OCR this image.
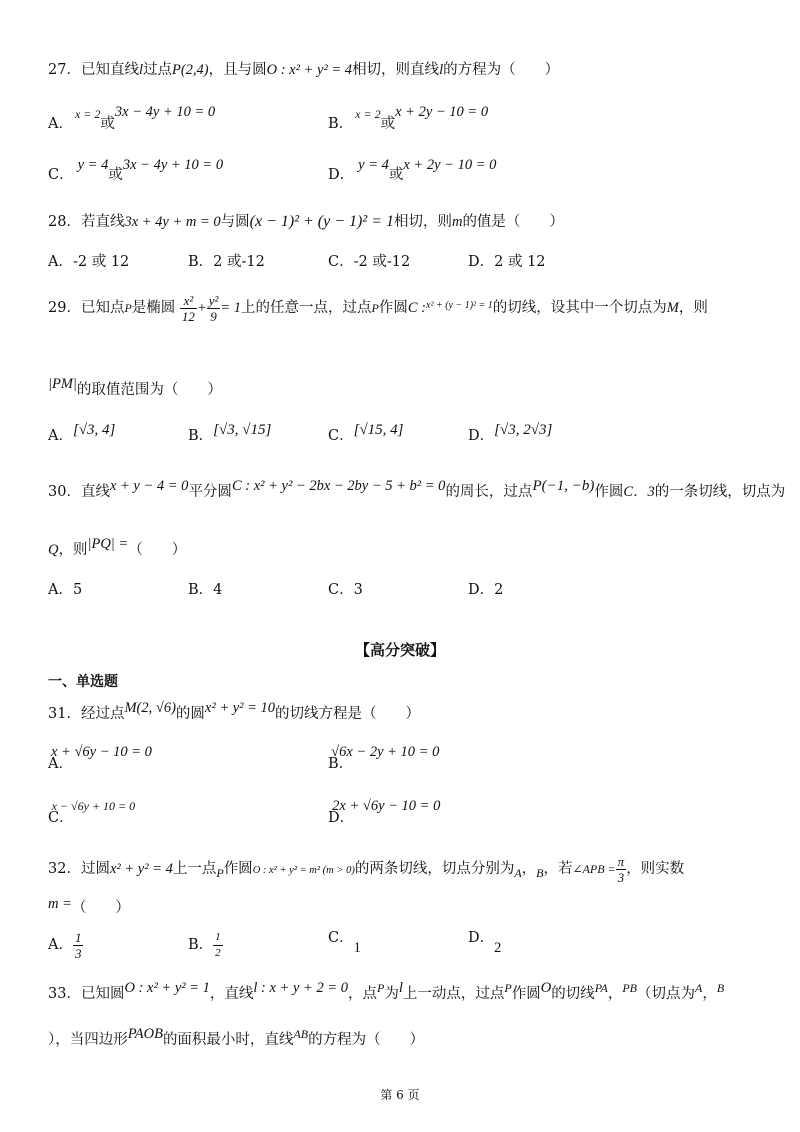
27．已知直线l过点P(2,4)，且与圆O : x² + y² = 4相切，则直线l的方程为（　　）
A．x = 2或3x − 4y + 10 = 0
B．x = 2或x + 2y − 10 = 0
C．y = 4或3x − 4y + 10 = 0
D．y = 4或x + 2y − 10 = 0
28．若直线3x + 4y + m = 0与圆(x − 1)² + (y − 1)² = 1相切，则m的值是（　　）
A．-2 或 12	B．2 或-12	C．-2 或-12	D．2 或 12
29．已知点P是椭圆 $\frac{\text{x²}}{12} + \frac{\text{y²}}{9} = 1$上的任意一点，过点P作圆C :$^{x^2 + (y - 1)^2 = 1}$的切线，设其中一个切点为M，则
|PM|的取值范围为（　　）
A．[√3, 4]	B．[√3, √15]	C．[√15, 4]	D．[√3, 2√3]
30．直线x + y − 4 = 0平分圆C : x² + y² − 2bx − 2by − 5 + b² = 0的周长，过点P(−1, −b)作圆C．3的一条切线，切点为
Q，则|PQ| =（　　）
A．5	B．4	C．3	D．2
【高分突破】
一、单选题
31．经过点M(2, √6)的圆x² + y² = 10的切线方程是（　　）
A．x + √6y − 10 = 0
B．√6x − 2y + 10 = 0
C．x − √6y + 10 = 0
D．2x + √6y − 10 = 0
32．过圆x² + y² = 4上一点$_P$作圆O : x² + y² = m² (m > 0)的两条切线，切点分别为$_A$，$_B$，若∠APB = $\frac{\pi}{3}$ ，则实数
m =（　　）
A． $\frac{1}{3}$	B． $\frac{1}{2}$	C．1
D．2
33．已知圆O : x² + y² = 1，直线l : x + y + 2 = 0，点P为l上一动点，过点P作圆O的切线PA，PB（切点为A，B
），当四边形PAOB的面积最小时，直线AB的方程为（　　）
第 6 页
